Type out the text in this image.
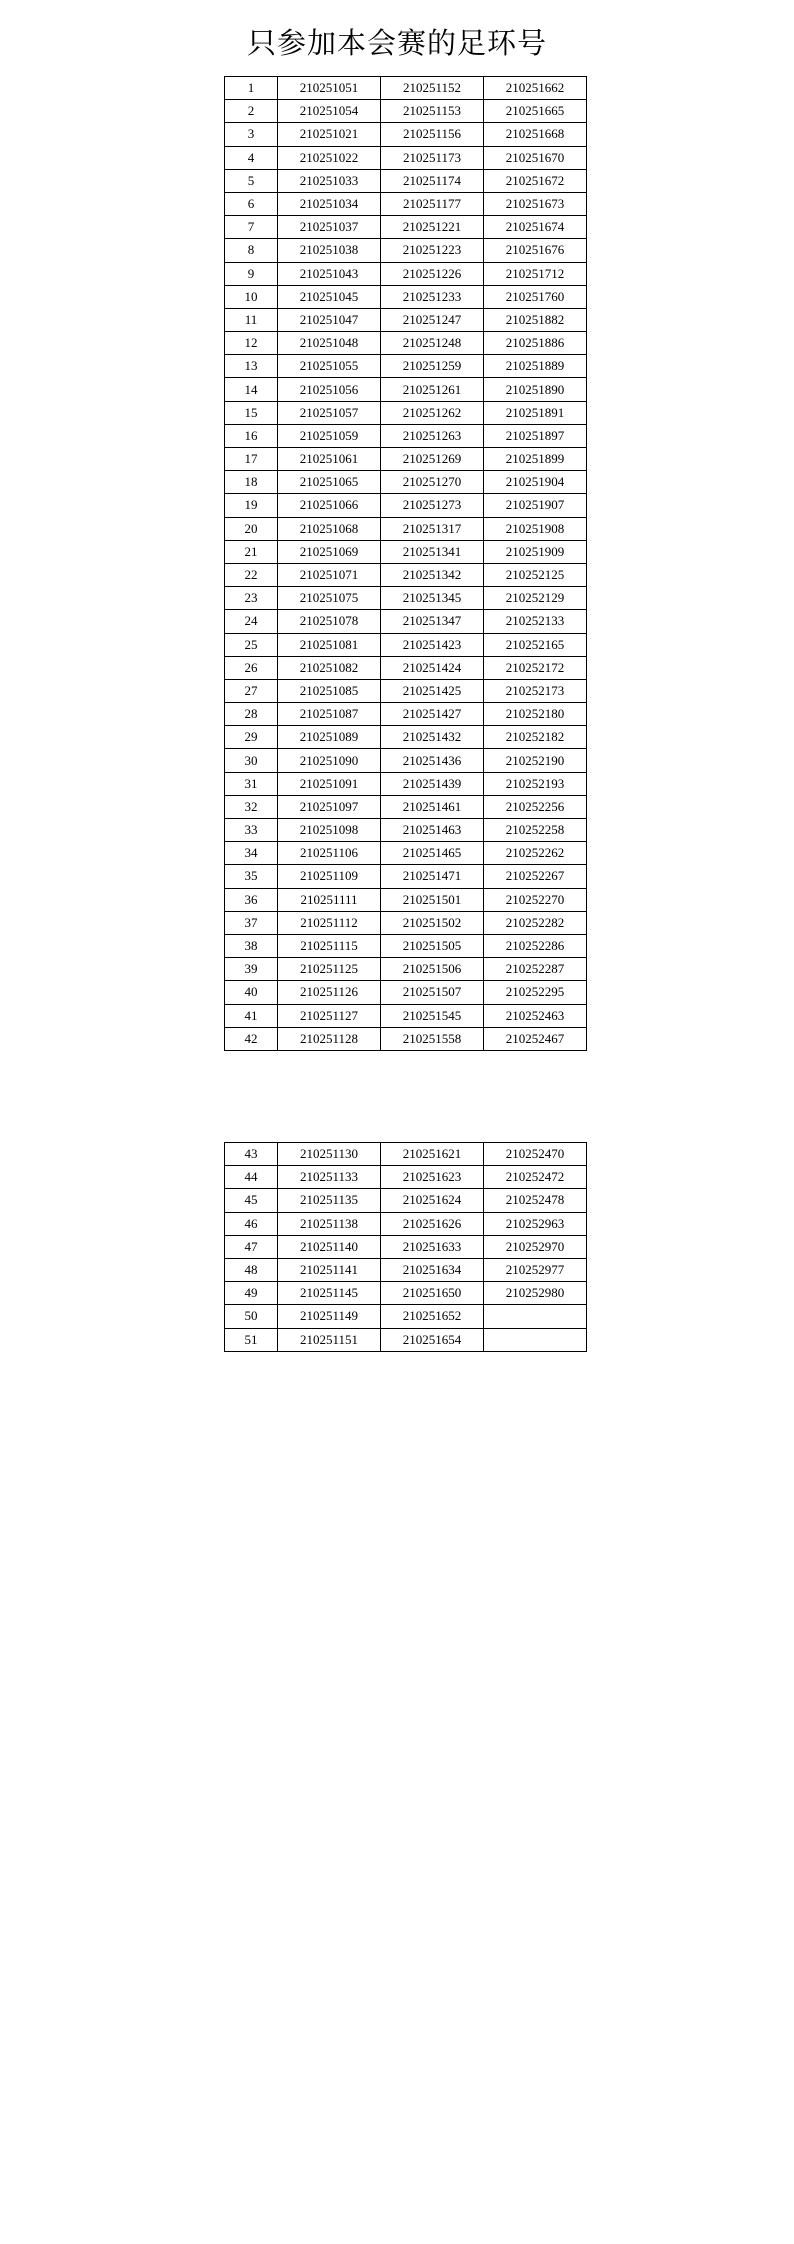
只参加本会赛的足环号
1	210251051	210251152	210251662
2	210251054	210251153	210251665
3	210251021	210251156	210251668
4	210251022	210251173	210251670
5	210251033	210251174	210251672
6	210251034	210251177	210251673
7	210251037	210251221	210251674
8	210251038	210251223	210251676
9	210251043	210251226	210251712
10	210251045	210251233	210251760
11	210251047	210251247	210251882
12	210251048	210251248	210251886
13	210251055	210251259	210251889
14	210251056	210251261	210251890
15	210251057	210251262	210251891
16	210251059	210251263	210251897
17	210251061	210251269	210251899
18	210251065	210251270	210251904
19	210251066	210251273	210251907
20	210251068	210251317	210251908
21	210251069	210251341	210251909
22	210251071	210251342	210252125
23	210251075	210251345	210252129
24	210251078	210251347	210252133
25	210251081	210251423	210252165
26	210251082	210251424	210252172
27	210251085	210251425	210252173
28	210251087	210251427	210252180
29	210251089	210251432	210252182
30	210251090	210251436	210252190
31	210251091	210251439	210252193
32	210251097	210251461	210252256
33	210251098	210251463	210252258
34	210251106	210251465	210252262
35	210251109	210251471	210252267
36	210251111	210251501	210252270
37	210251112	210251502	210252282
38	210251115	210251505	210252286
39	210251125	210251506	210252287
40	210251126	210251507	210252295
41	210251127	210251545	210252463
42	210251128	210251558	210252467
43	210251130	210251621	210252470
44	210251133	210251623	210252472
45	210251135	210251624	210252478
46	210251138	210251626	210252963
47	210251140	210251633	210252970
48	210251141	210251634	210252977
49	210251145	210251650	210252980
50	210251149	210251652	
51	210251151	210251654	
